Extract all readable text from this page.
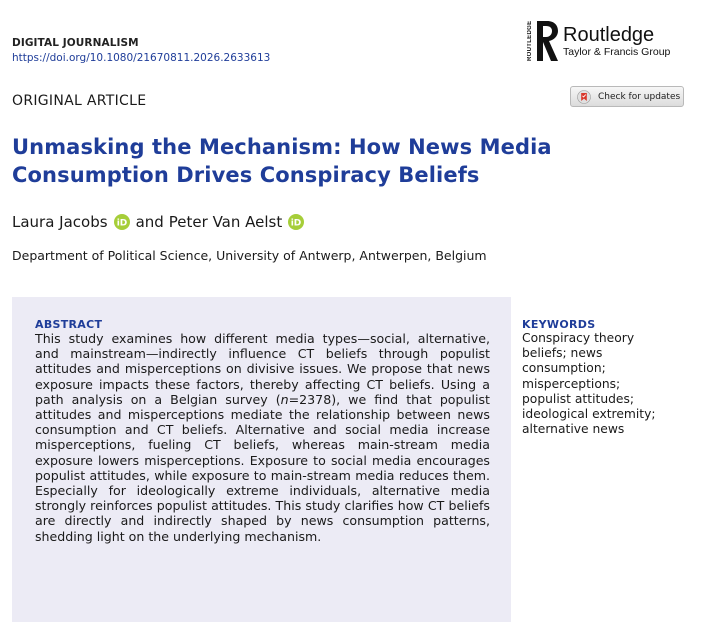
DIGITAL JOURNALISM
https://doi.org/10.1080/21670811.2026.2633613	ROUTLEDGE Routledge
Taylor & Francis Group
ORIGINAL ARTICLE	Check for updates
Unmasking the Mechanism: How News Media Consumption Drives Conspiracy Beliefs
Laura Jacobs iD and Peter Van Aelst iD
Department of Political Science, University of Antwerp, Antwerpen, Belgium
ABSTRACT
This study examines how different media types—social, alternative, and mainstream—indirectly influence CT beliefs through populist attitudes and misperceptions on divisive issues. We propose that news exposure impacts these factors, thereby affecting CT beliefs. Using a path analysis on a Belgian survey (n=2378), we find that populist attitudes and misperceptions mediate the relationship between news consumption and CT beliefs. Alternative and social media increase misperceptions, fueling CT beliefs, whereas main-stream media exposure lowers misperceptions. Exposure to social media encourages populist attitudes, while exposure to main-stream media reduces them. Especially for ideologically extreme individuals, alternative media strongly reinforces populist attitudes. This study clarifies how CT beliefs are directly and indirectly shaped by news consumption patterns, shedding light on the underlying mechanism.
KEYWORDS
Conspiracy theory beliefs; news consumption; misperceptions; populist attitudes; ideological extremity; alternative news
